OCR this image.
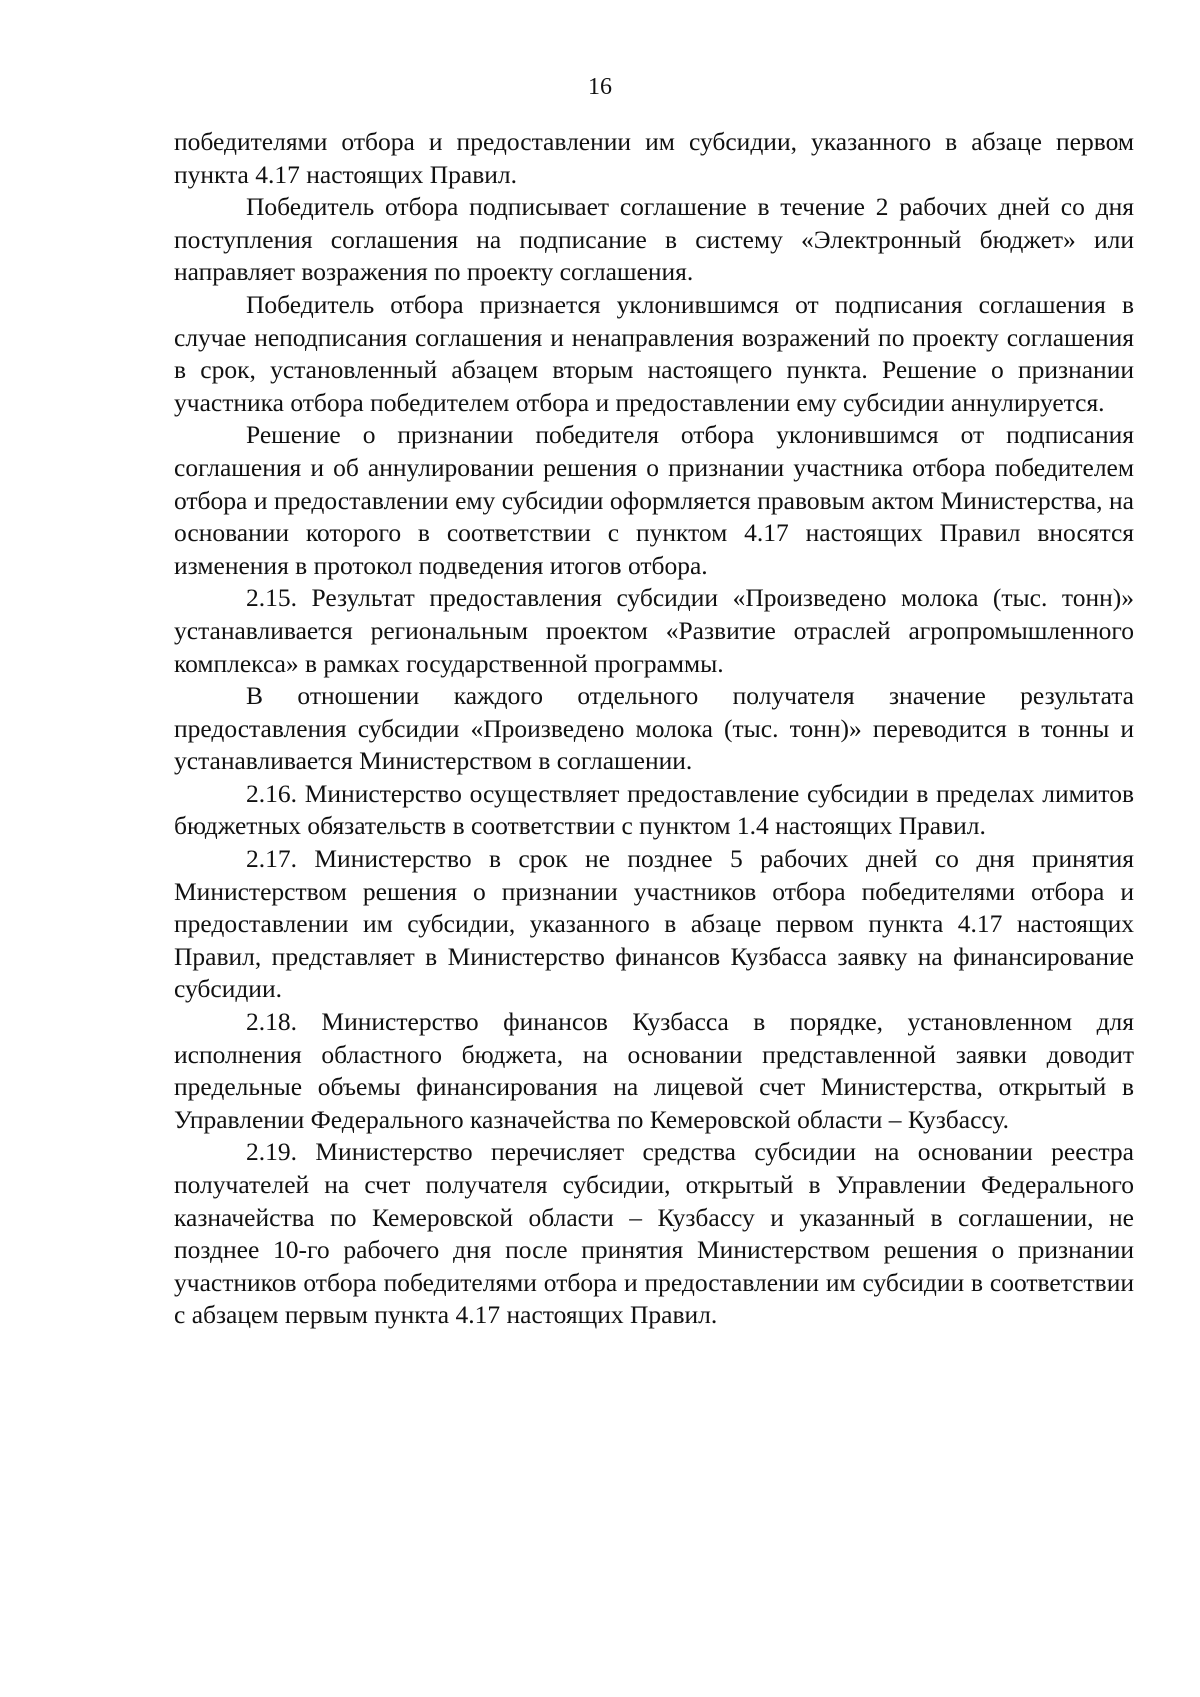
16

победителями отбора и предоставлении им субсидии, указанного в абзаце первом пункта 4.17 настоящих Правил.

Победитель отбора подписывает соглашение в течение 2 рабочих дней со дня поступления соглашения на подписание в систему «Электронный бюджет» или направляет возражения по проекту соглашения.

Победитель отбора признается уклонившимся от подписания соглашения в случае неподписания соглашения и ненаправления возражений по проекту соглашения в срок, установленный абзацем вторым настоящего пункта. Решение о признании участника отбора победителем отбора и предоставлении ему субсидии аннулируется.

Решение о признании победителя отбора уклонившимся от подписания соглашения и об аннулировании решения о признании участника отбора победителем отбора и предоставлении ему субсидии оформляется правовым актом Министерства, на основании которого в соответствии с пунктом 4.17 настоящих Правил вносятся изменения в протокол подведения итогов отбора.

2.15. Результат предоставления субсидии «Произведено молока (тыс. тонн)» устанавливается региональным проектом «Развитие отраслей агропромышленного комплекса» в рамках государственной программы.

В отношении каждого отдельного получателя значение результата предоставления субсидии «Произведено молока (тыс. тонн)» переводится в тонны и устанавливается Министерством в соглашении.

2.16. Министерство осуществляет предоставление субсидии в пределах лимитов бюджетных обязательств в соответствии с пунктом 1.4 настоящих Правил.

2.17. Министерство в срок не позднее 5 рабочих дней со дня принятия Министерством решения о признании участников отбора победителями отбора и предоставлении им субсидии, указанного в абзаце первом пункта 4.17 настоящих Правил, представляет в Министерство финансов Кузбасса заявку на финансирование субсидии.

2.18. Министерство финансов Кузбасса в порядке, установленном для исполнения областного бюджета, на основании представленной заявки доводит предельные объемы финансирования на лицевой счет Министерства, открытый в Управлении Федерального казначейства по Кемеровской области – Кузбассу.

2.19. Министерство перечисляет средства субсидии на основании реестра получателей на счет получателя субсидии, открытый в Управлении Федерального казначейства по Кемеровской области – Кузбассу и указанный в соглашении, не позднее 10-го рабочего дня после принятия Министерством решения о признании участников отбора победителями отбора и предоставлении им субсидии в соответствии с абзацем первым пункта 4.17 настоящих Правил.
